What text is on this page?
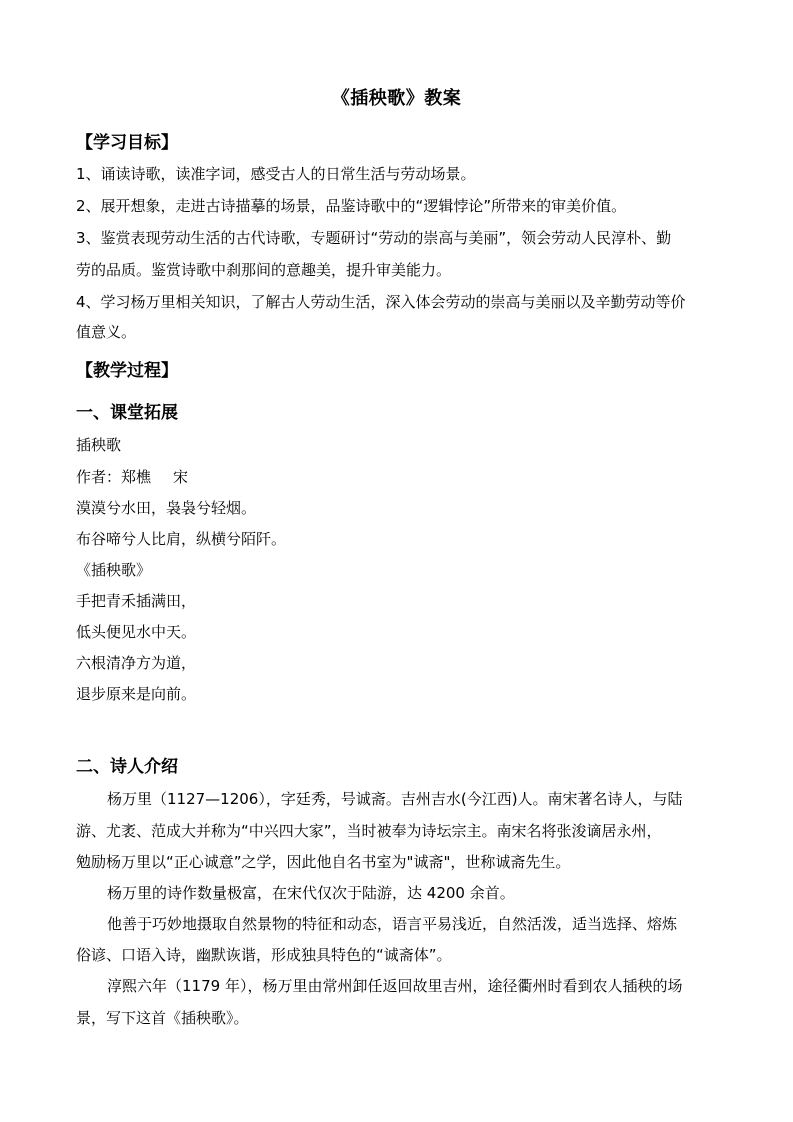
《插秧歌》教案
【学习目标】
1、诵读诗歌，读准字词，感受古人的日常生活与劳动场景。
2、展开想象，走进古诗描摹的场景，品鉴诗歌中的“逻辑悖论”所带来的审美价值。
3、鉴赏表现劳动生活的古代诗歌，专题研讨“劳动的崇高与美丽”，领会劳动人民淳朴、勤
劳的品质。鉴赏诗歌中刹那间的意趣美，提升审美能力。
4、学习杨万里相关知识，了解古人劳动生活，深入体会劳动的崇高与美丽以及辛勤劳动等价
值意义。
【教学过程】
一、课堂拓展
插秧歌
作者：郑樵 宋
漠漠兮水田，袅袅兮轻烟。
布谷啼兮人比肩，纵横兮陌阡。
《插秧歌》
手把青禾插满田，
低头便见水中天。
六根清净方为道，
退步原来是向前。
二、诗人介绍
杨万里（1127—1206），字廷秀，号诚斋。吉州吉水(今江西)人。南宋著名诗人，与陆
游、尤袤、范成大并称为“中兴四大家”，当时被奉为诗坛宗主。南宋名将张浚谪居永州，
勉励杨万里以“正心诚意”之学，因此他自名书室为"诚斋"，世称诚斋先生。
杨万里的诗作数量极富，在宋代仅次于陆游，达 4200 余首。
他善于巧妙地摄取自然景物的特征和动态，语言平易浅近，自然活泼，适当选择、熔炼
俗谚、口语入诗，幽默诙谐，形成独具特色的“诚斋体”。
淳熙六年（1179 年），杨万里由常州卸任返回故里吉州，途径衢州时看到农人插秧的场
景，写下这首《插秧歌》。
